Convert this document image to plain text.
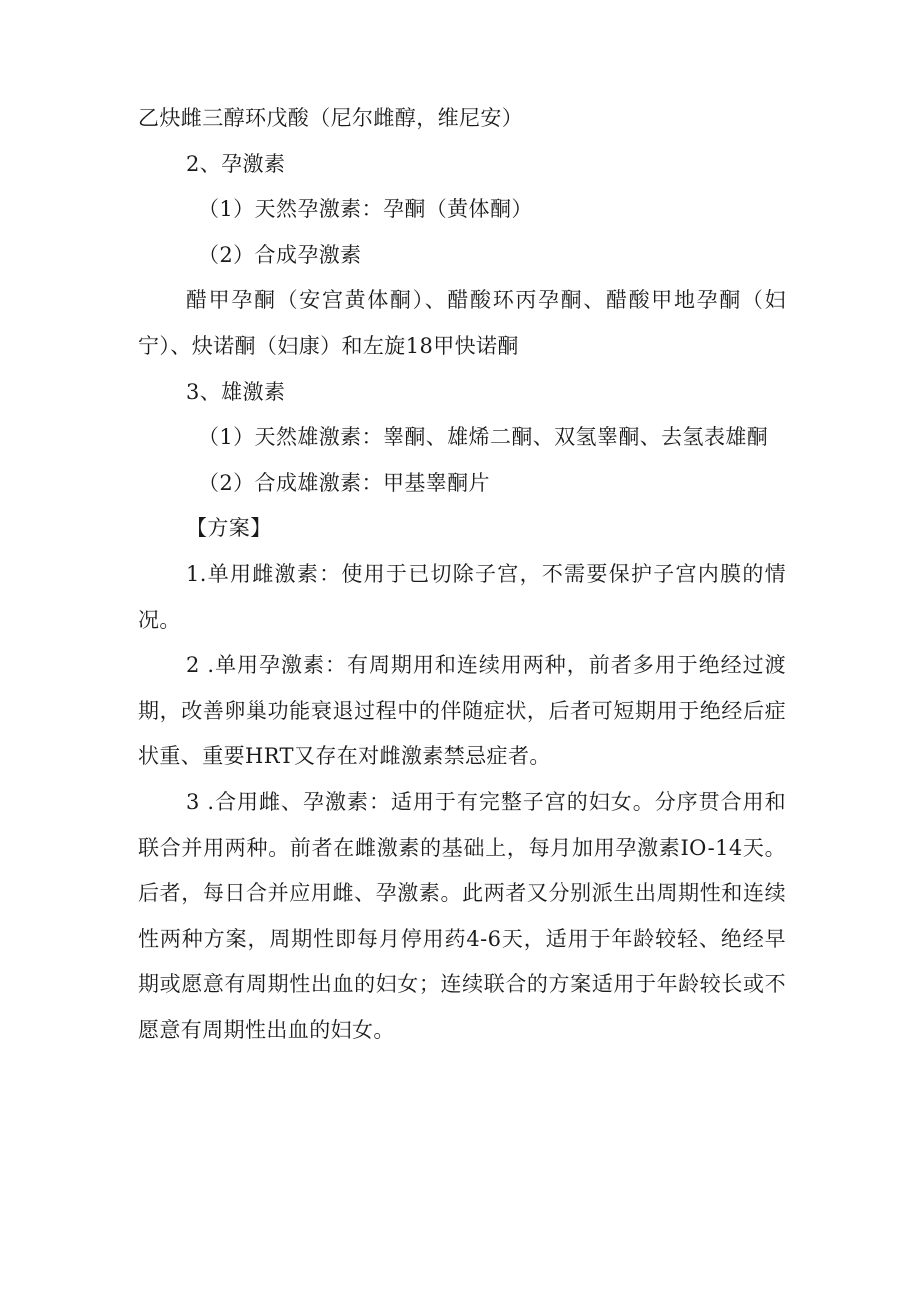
乙炔雌三醇环戊酸（尼尔雌醇，维尼安）

2、孕激素

（1）天然孕激素：孕酮（黄体酮）

（2）合成孕激素

醋甲孕酮（安宫黄体酮）、醋酸环丙孕酮、醋酸甲地孕酮（妇宁）、炔诺酮（妇康）和左旋18甲快诺酮

3、雄激素

（1）天然雄激素：睾酮、雄烯二酮、双氢睾酮、去氢表雄酮

（2）合成雄激素：甲基睾酮片

【方案】

1.单用雌激素：使用于已切除子宫，不需要保护子宫内膜的情况。

2 .单用孕激素：有周期用和连续用两种，前者多用于绝经过渡期，改善卵巢功能衰退过程中的伴随症状，后者可短期用于绝经后症状重、重要HRT又存在对雌激素禁忌症者。

3 .合用雌、孕激素：适用于有完整子宫的妇女。分序贯合用和联合并用两种。前者在雌激素的基础上，每月加用孕激素IO-14天。后者，每日合并应用雌、孕激素。此两者又分别派生出周期性和连续性两种方案，周期性即每月停用药4-6天，适用于年龄较轻、绝经早期或愿意有周期性出血的妇女；连续联合的方案适用于年龄较长或不愿意有周期性出血的妇女。
